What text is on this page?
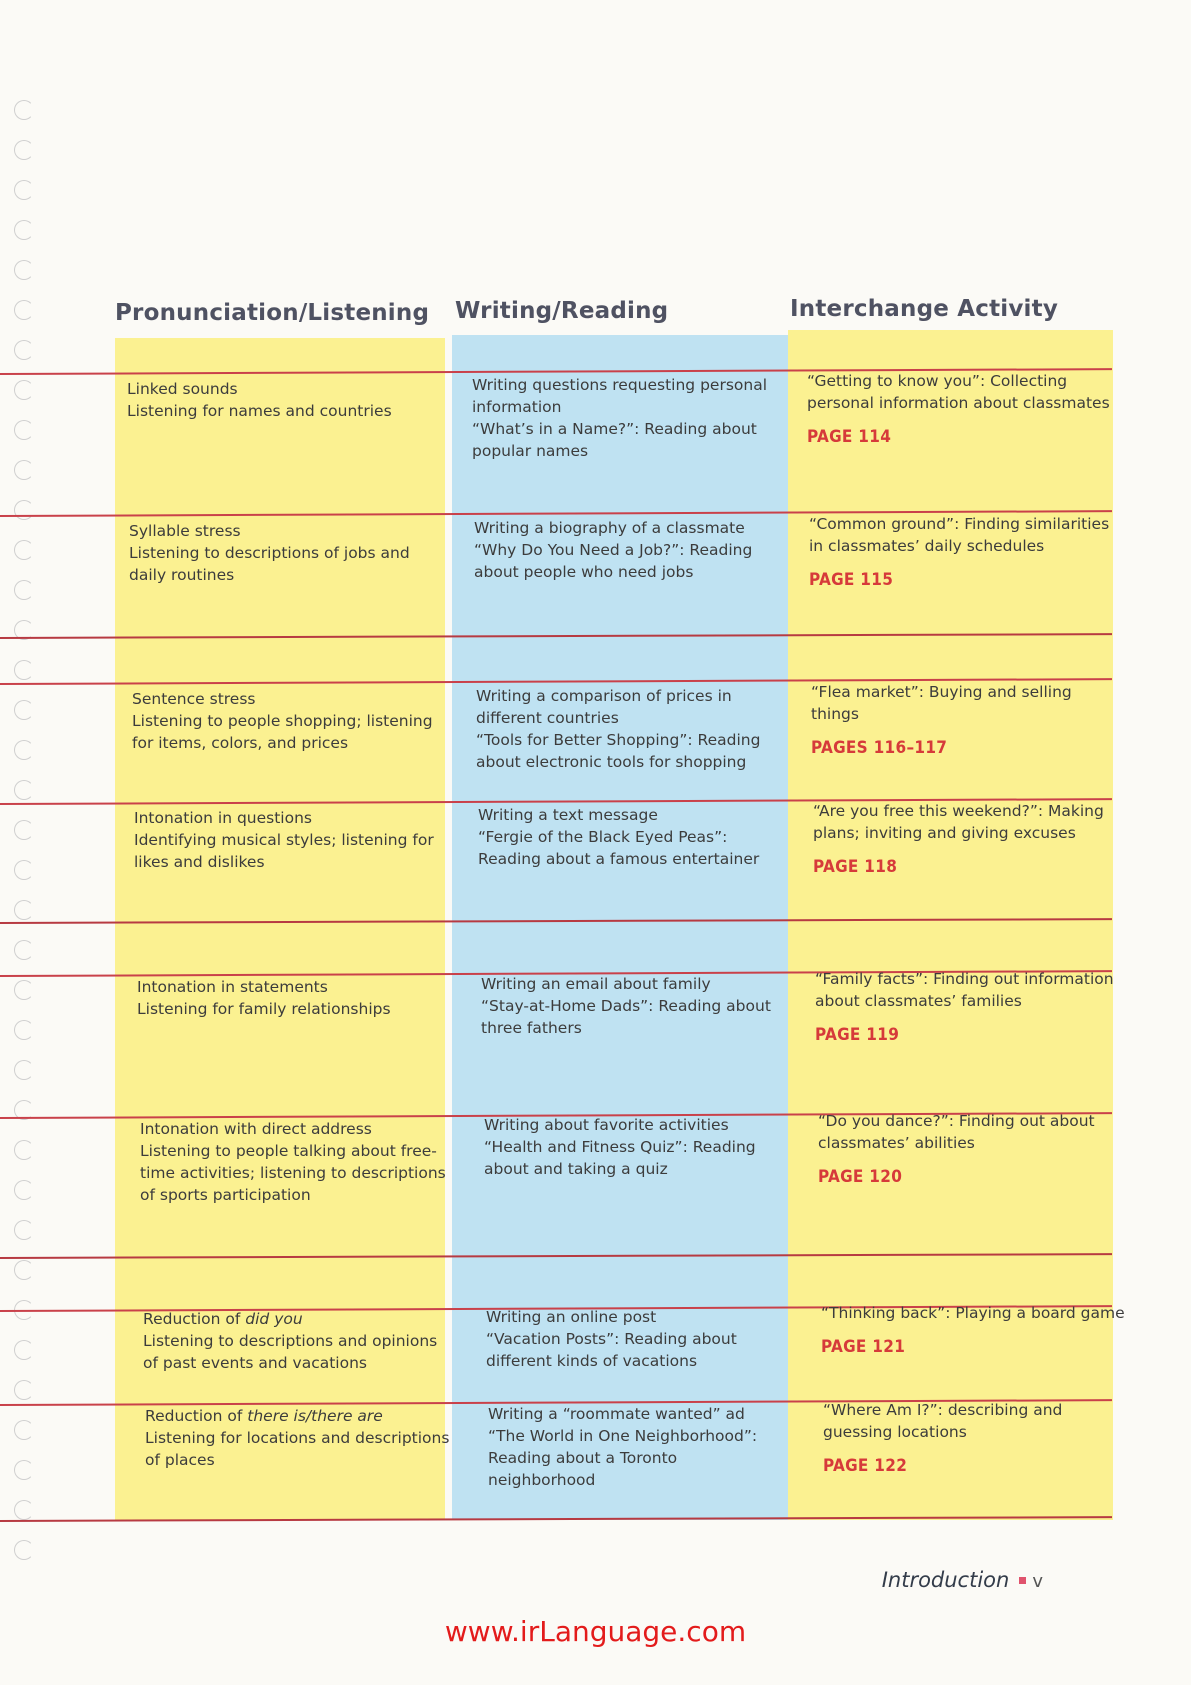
Pronunciation/Listening Writing/Reading	Interchange Activity
Linked sounds
Listening for names and countries
Writing questions requesting personal
information
“What’s in a Name?”: Reading about
popular names
“Getting to know you”: Collecting
personal information about classmates
PAGE 114
Syllable stress
Listening to descriptions of jobs and
daily routines
Writing a biography of a classmate
“Why Do You Need a Job?”: Reading
about people who need jobs
“Common ground”: Finding similarities
in classmates’ daily schedules
PAGE 115
Sentence stress
Listening to people shopping; listening
for items, colors, and prices
Writing a comparison of prices in
different countries
“Tools for Better Shopping”: Reading
about electronic tools for shopping
“Flea market”: Buying and selling
things
PAGES 116–117
Intonation in questions
Identifying musical styles; listening for
likes and dislikes
Writing a text message
“Fergie of the Black Eyed Peas”:
Reading about a famous entertainer
“Are you free this weekend?”: Making
plans; inviting and giving excuses
PAGE 118
Intonation in statements
Listening for family relationships
Writing an email about family
“Stay-at-Home Dads”: Reading about
three fathers
“Family facts”: Finding out information
about classmates’ families
PAGE 119
Intonation with direct address
Listening to people talking about free-
time activities; listening to descriptions
of sports participation
Writing about favorite activities
“Health and Fitness Quiz”: Reading
about and taking a quiz
“Do you dance?”: Finding out about
classmates’ abilities
PAGE 120
Reduction of did you
Listening to descriptions and opinions
of past events and vacations
Writing an online post
“Vacation Posts”: Reading about
different kinds of vacations
“Thinking back”: Playing a board game
PAGE 121
Reduction of there is/there are
Listening for locations and descriptions
of places
Writing a “roommate wanted” ad
“The World in One Neighborhood”:
Reading about a Toronto
neighborhood
“Where Am I?”: describing and
guessing locations
PAGE 122
Introduction v
www.irLanguage.com
